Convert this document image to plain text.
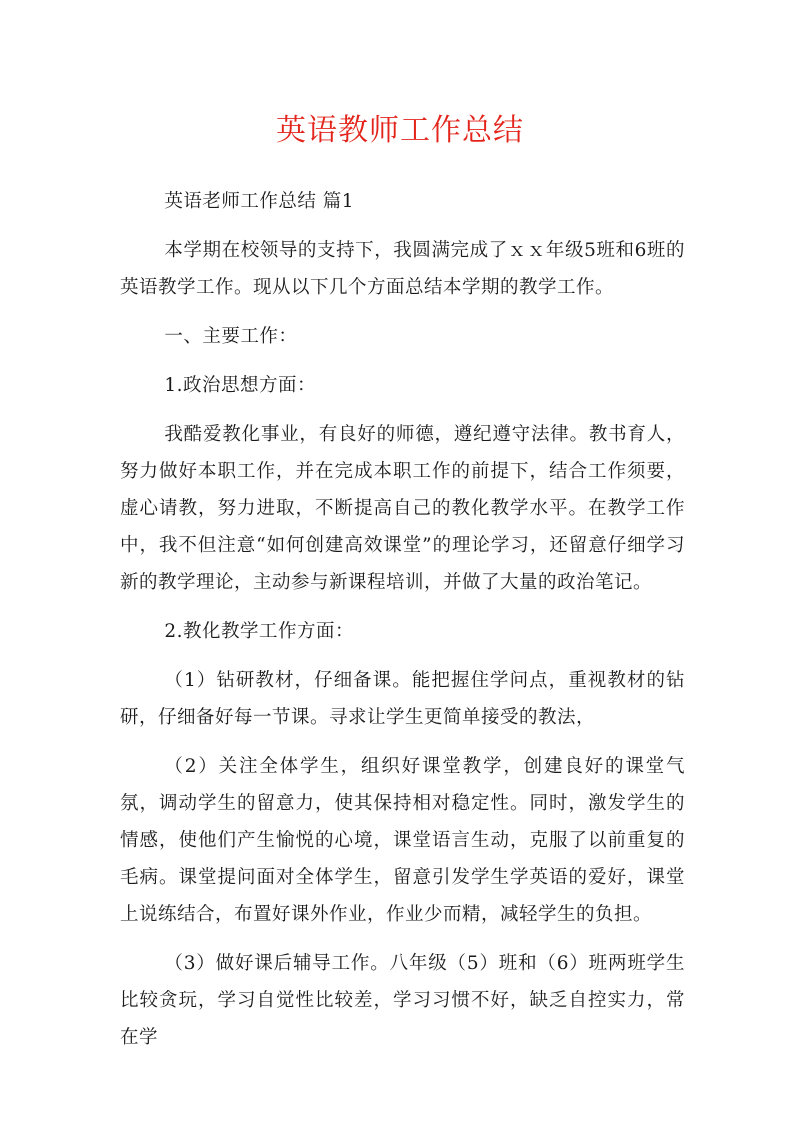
英语教师工作总结

英语老师工作总结 篇1

本学期在校领导的支持下，我圆满完成了ｘｘ年级5班和6班的英语教学工作。现从以下几个方面总结本学期的教学工作。

一、主要工作：

1.政治思想方面：

我酷爱教化事业，有良好的师德，遵纪遵守法律。教书育人，努力做好本职工作，并在完成本职工作的前提下，结合工作须要，虚心请教，努力进取，不断提高自己的教化教学水平。在教学工作中，我不但注意“如何创建高效课堂”的理论学习，还留意仔细学习新的教学理论，主动参与新课程培训，并做了大量的政治笔记。

2.教化教学工作方面：

（1）钻研教材，仔细备课。能把握住学问点，重视教材的钻研，仔细备好每一节课。寻求让学生更简单接受的教法，

（2）关注全体学生，组织好课堂教学，创建良好的课堂气氛，调动学生的留意力，使其保持相对稳定性。同时，激发学生的情感，使他们产生愉悦的心境，课堂语言生动，克服了以前重复的毛病。课堂提问面对全体学生，留意引发学生学英语的爱好，课堂上说练结合，布置好课外作业，作业少而精，减轻学生的负担。

（3）做好课后辅导工作。八年级（5）班和（6）班两班学生比较贪玩，学习自觉性比较差，学习习惯不好，缺乏自控实力，常在学
